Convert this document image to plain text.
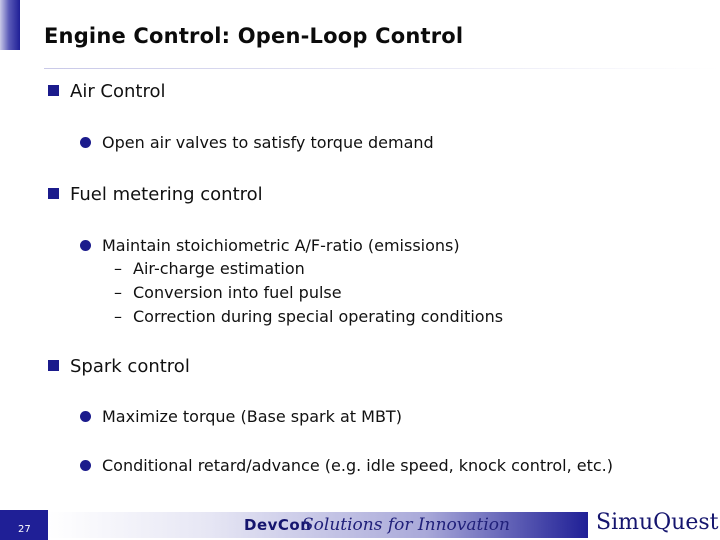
Engine Control: Open-Loop Control
Air Control
Open air valves to satisfy torque demand
Fuel metering control
Maintain stoichiometric A/F-ratio (emissions)
– Air-charge estimation
– Conversion into fuel pulse
– Correction during special operating conditions
Spark control
Maximize torque (Base spark at MBT)
Conditional retard/advance (e.g. idle speed, knock control, etc.)
27	DevCon
Solutions for Innovation	SimuQuest
